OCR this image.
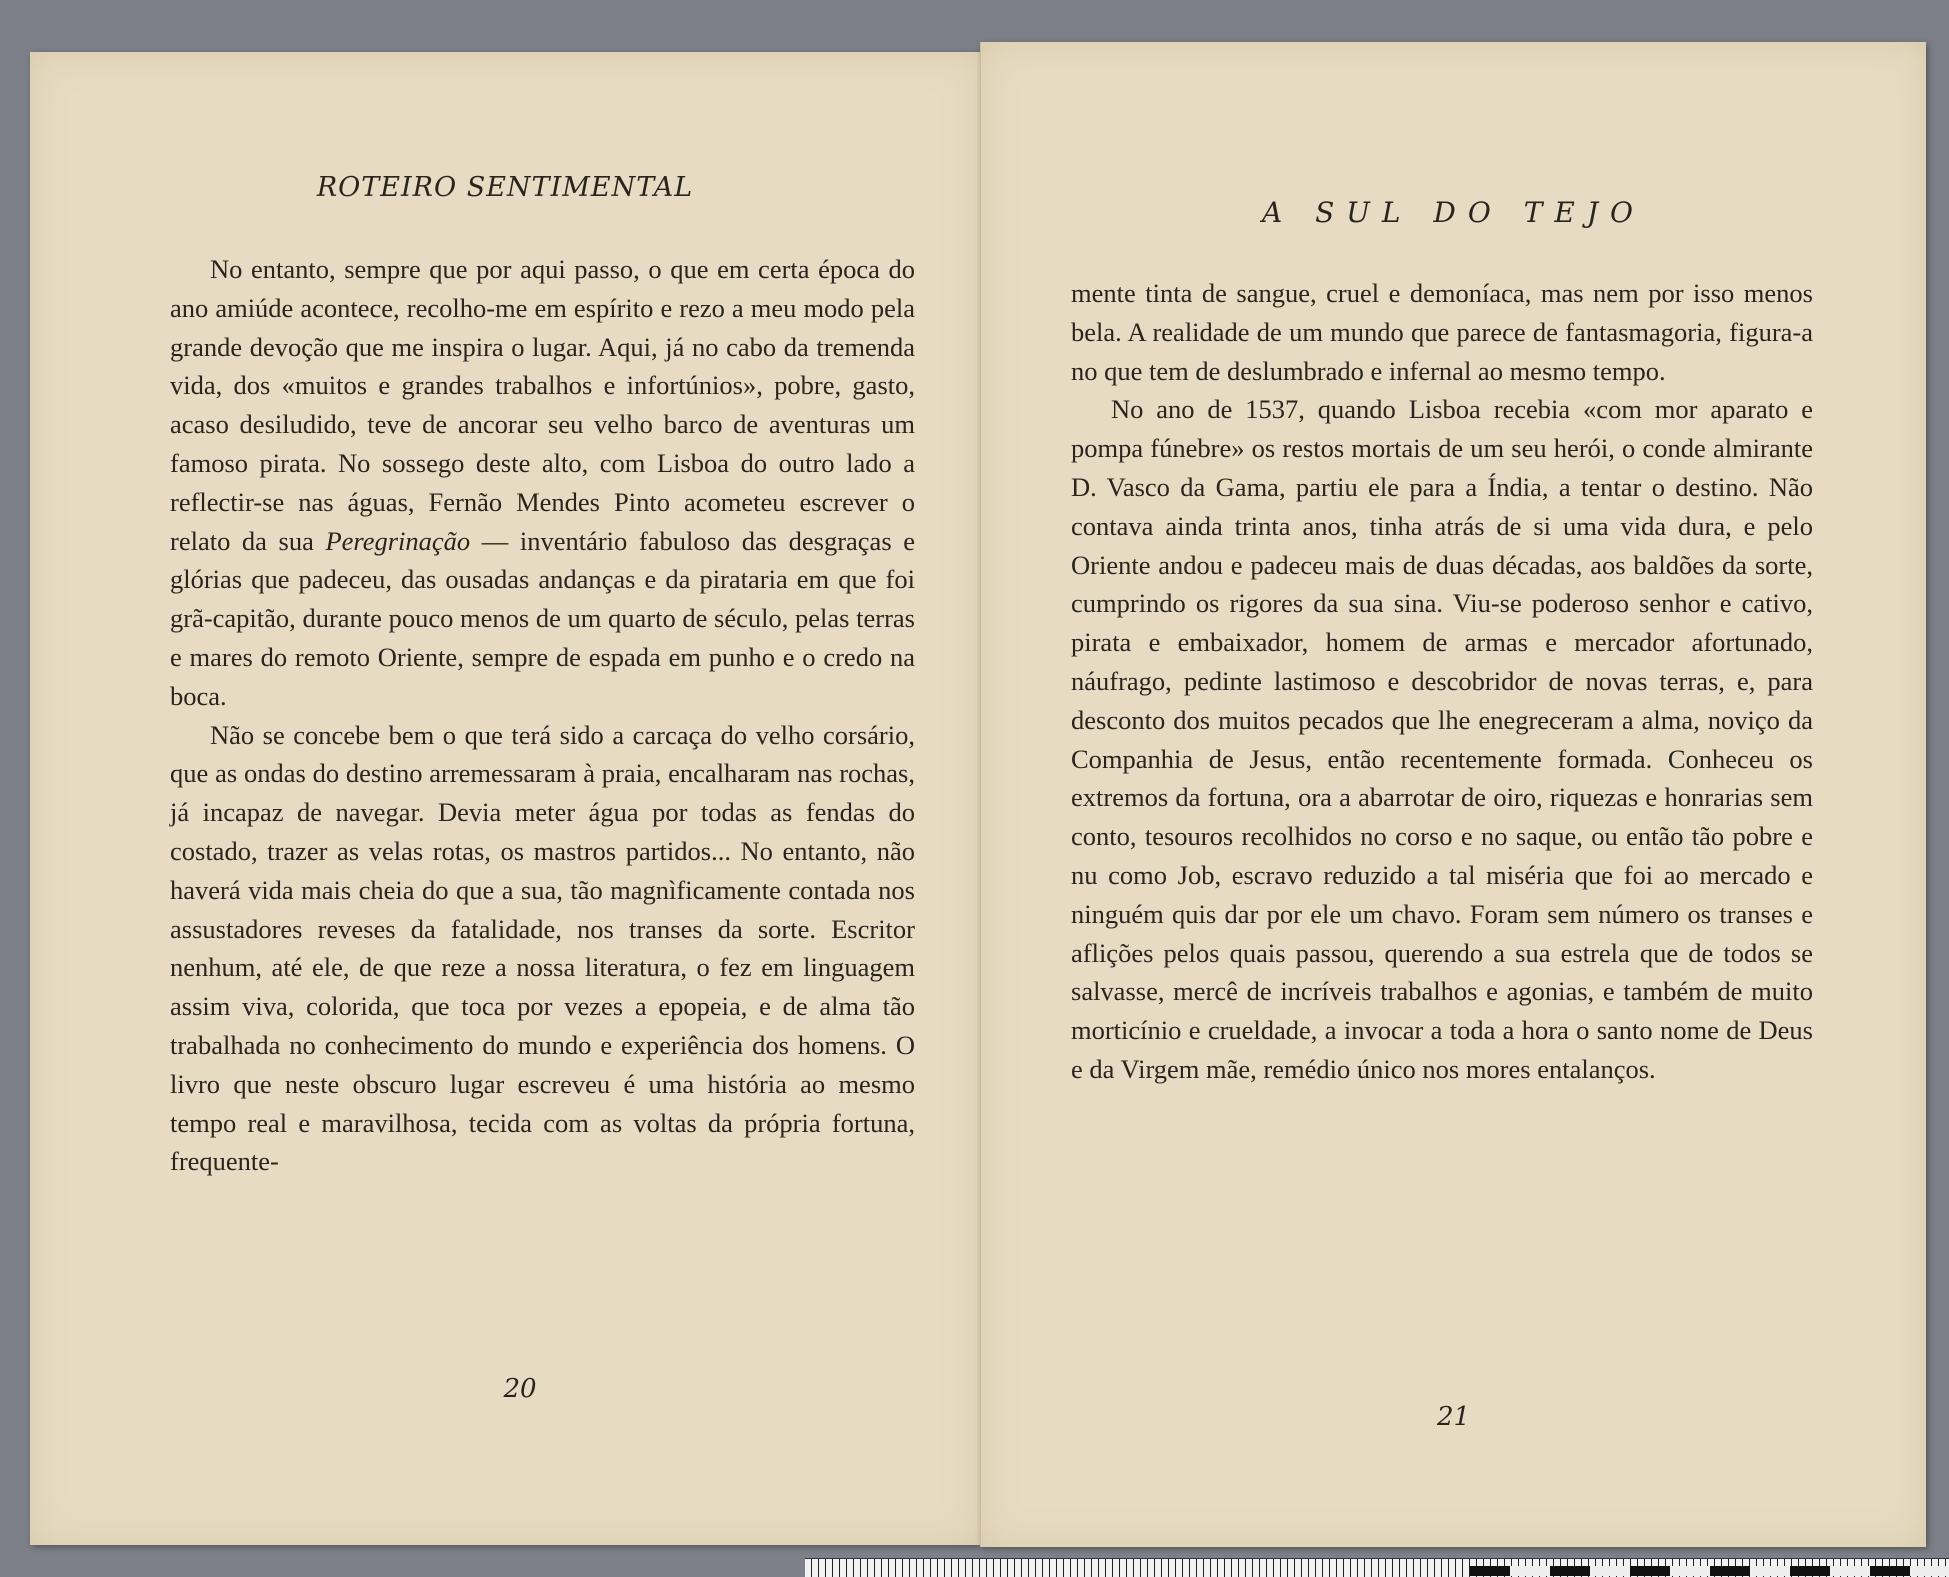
ROTEIRO SENTIMENTAL

No entanto, sempre que por aqui passo, o que em certa época do ano amiúde acontece, recolho-me em espírito e rezo a meu modo pela grande devoção que me inspira o lugar. Aqui, já no cabo da tremenda vida, dos «muitos e grandes trabalhos e infortúnios», pobre, gasto, acaso desiludido, teve de ancorar seu velho barco de aventuras um famoso pirata. No sossego deste alto, com Lisboa do outro lado a reflectir-se nas águas, Fernão Mendes Pinto acometeu escrever o relato da sua Peregrinação — inventário fabuloso das desgraças e glórias que padeceu, das ousadas andanças e da pirataria em que foi grã-capitão, durante pouco menos de um quarto de século, pelas terras e mares do remoto Oriente, sempre de espada em punho e o credo na boca.

Não se concebe bem o que terá sido a carcaça do velho corsário, que as ondas do destino arremessaram à praia, encalharam nas rochas, já incapaz de navegar. Devia meter água por todas as fendas do costado, trazer as velas rotas, os mastros partidos... No entanto, não haverá vida mais cheia do que a sua, tão magnìficamente contada nos assustadores reveses da fatalidade, nos transes da sorte. Escritor nenhum, até ele, de que reze a nossa literatura, o fez em linguagem assim viva, colorida, que toca por vezes a epopeia, e de alma tão trabalhada no conhecimento do mundo e experiência dos homens. O livro que neste obscuro lugar escreveu é uma história ao mesmo tempo real e maravilhosa, tecida com as voltas da própria fortuna, frequente-

20
A SUL DO TEJO

mente tinta de sangue, cruel e demoníaca, mas nem por isso menos bela. A realidade de um mundo que parece de fantasmagoria, figura-a no que tem de deslumbrado e infernal ao mesmo tempo.

No ano de 1537, quando Lisboa recebia «com mor aparato e pompa fúnebre» os restos mortais de um seu herói, o conde almirante D. Vasco da Gama, partiu ele para a Índia, a tentar o destino. Não contava ainda trinta anos, tinha atrás de si uma vida dura, e pelo Oriente andou e padeceu mais de duas décadas, aos baldões da sorte, cumprindo os rigores da sua sina. Viu-se poderoso senhor e cativo, pirata e embaixador, homem de armas e mercador afortunado, náufrago, pedinte lastimoso e descobridor de novas terras, e, para desconto dos muitos pecados que lhe enegreceram a alma, noviço da Companhia de Jesus, então recentemente formada. Conheceu os extremos da fortuna, ora a abarrotar de oiro, riquezas e honrarias sem conto, tesouros recolhidos no corso e no saque, ou então tão pobre e nu como Job, escravo reduzido a tal miséria que foi ao mercado e ninguém quis dar por ele um chavo. Foram sem número os transes e aflições pelos quais passou, querendo a sua estrela que de todos se salvasse, mercê de incríveis trabalhos e agonias, e também de muito morticínio e crueldade, a invocar a toda a hora o santo nome de Deus e da Virgem mãe, remédio único nos mores entalanços.

21
